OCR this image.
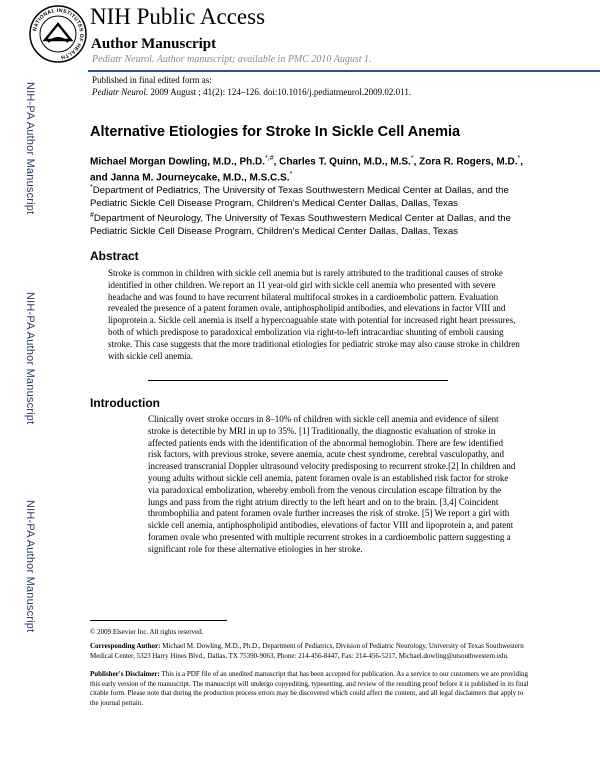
NATIONAL INSTITUTES OF HEALTH
NIH Public Access
Author Manuscript
Pediatr Neurol. Author manuscript; available in PMC 2010 August 1.
Published in final edited form as:
Pediatr Neurol. 2009 August ; 41(2): 124–126. doi:10.1016/j.pediatrneurol.2009.02.011.
NIH-PA Author Manuscript
NIH-PA Author Manuscript
NIH-PA Author Manuscript
Alternative Etiologies for Stroke In Sickle Cell Anemia
Michael Morgan Dowling, M.D., Ph.D.*,#, Charles T. Quinn, M.D., M.S.*, Zora R. Rogers, M.D.*, and Janna M. Journeycake, M.D., M.S.C.S.*
*Department of Pediatrics, The University of Texas Southwestern Medical Center at Dallas, and the Pediatric Sickle Cell Disease Program, Children's Medical Center Dallas, Dallas, Texas
#Department of Neurology, The University of Texas Southwestern Medical Center at Dallas, and the Pediatric Sickle Cell Disease Program, Children's Medical Center Dallas, Dallas, Texas
Abstract
Stroke is common in children with sickle cell anemia but is rarely attributed to the traditional causes of stroke identified in other children. We report an 11 year-old girl with sickle cell anemia who presented with severe headache and was found to have recurrent bilateral multifocal strokes in a cardioembolic pattern. Evaluation revealed the presence of a patent foramen ovale, antiphospholipid antibodies, and elevations in factor VIII and lipoprotein a. Sickle cell anemia is itself a hypercoaguable state with potential for increased right heart pressures, both of which predispose to paradoxical embolization via right-to-left intracardiac shunting of emboli causing stroke. This case suggests that the more traditional etiologies for pediatric stroke may also cause stroke in children with sickle cell anemia.
Introduction
Clinically overt stroke occurs in 8–10% of children with sickle cell anemia and evidence of silent stroke is detectible by MRI in up to 35%. [1] Traditionally, the diagnostic evaluation of stroke in affected patients ends with the identification of the abnormal hemoglobin. There are few identified risk factors, with previous stroke, severe anemia, acute chest syndrome, cerebral vasculopathy, and increased transcranial Doppler ultrasound velocity predisposing to recurrent stroke.[2] In children and young adults without sickle cell anemia, patent foramen ovale is an established risk factor for stroke via paradoxical embolization, whereby emboli from the venous circulation escape filtration by the lungs and pass from the right atrium directly to the left heart and on to the brain. [3,4] Coincident thrombophilia and patent foramen ovale further increases the risk of stroke. [5] We report a girl with sickle cell anemia, antiphospholipid antibodies, elevations of factor VIII and lipoprotein a, and patent foramen ovale who presented with multiple recurrent strokes in a cardioembolic pattern suggesting a significant role for these alternative etiologies in her stroke.
© 2009 Elsevier Inc. All rights reserved.
Corresponding Author: Michael M. Dowling, M.D., Ph.D., Department of Pediatrics, Division of Pediatric Neurology, University of Texas Southwestern Medical Center, 5323 Harry Hines Blvd., Dallas, TX 75390-9063, Phone: 214-456-8447, Fax: 214-456-5217, Michael.dowling@utsouthwestern.edu.
Publisher's Disclaimer: This is a PDF file of an unedited manuscript that has been accepted for publication. As a service to our customers we are providing this early version of the manuscript. The manuscript will undergo copyediting, typesetting, and review of the resulting proof before it is published in its final citable form. Please note that during the production process errors may be discovered which could affect the content, and all legal disclaimers that apply to the journal pertain.
